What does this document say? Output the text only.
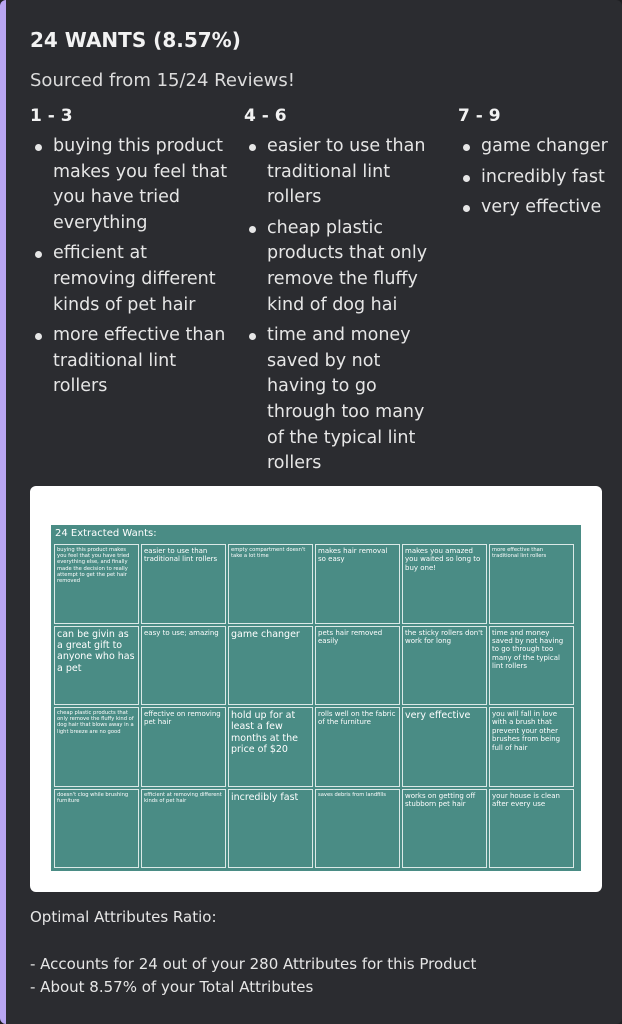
24 WANTS (8.57%)
Sourced from 15/24 Reviews!
1 - 3
buying this product makes you feel that you have tried everything
efficient at removing different kinds of pet hair
more effective than traditional lint rollers
4 - 6
easier to use than traditional lint rollers
cheap plastic products that only remove the fluffy kind of dog hai
time and money saved by not having to go through too many of the typical lint rollers
7 - 9
game changer
incredibly fast
very effective
24 Extracted Wants:
buying this product makes you feel that you have tried everything else, and finally made the decision to really attempt to get the pet hair removed
easier to use than traditional lint rollers
empty compartment doesn't take a lot time
makes hair removal so easy
makes you amazed you waited so long to buy one!
more effective than traditional lint rollers
can be givin as a great gift to anyone who has a pet
easy to use; amazing	game changer	pets hair removed easily
the sticky rollers don't work for long
time and money saved by not having to go through too many of the typical lint rollers
cheap plastic products that only remove the fluffy kind of dog hair that blows away in a light breeze are no good
effective on removing pet hair
hold up for at least a few months at the price of $20
rolls well on the fabric of the furniture
very effective	you will fall in love with a brush that prevent your other brushes from being full of hair
doesn't clog while brushing furniture
efficient at removing different kinds of pet hair	incredibly fast	saves debris from landfills	works on getting off stubborn pet hair
your house is clean after every use
Optimal Attributes Ratio:
- Accounts for 24 out of your 280 Attributes for this Product
- About 8.57% of your Total Attributes
